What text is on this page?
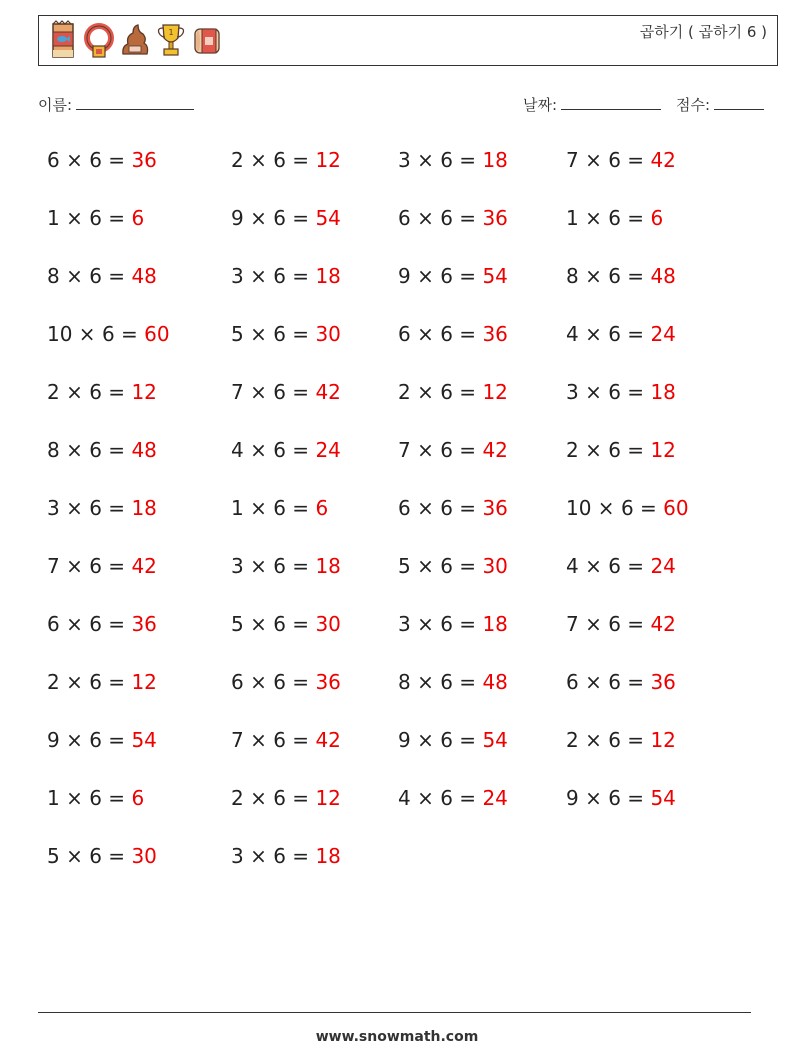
1	곱하기 ( 곱하기 6 )
이름:	날짜:	점수:
6 × 6 = 36
1 × 6 = 6
8 × 6 = 48
10 × 6 = 60
2 × 6 = 12
8 × 6 = 48
3 × 6 = 18
7 × 6 = 42
6 × 6 = 36
2 × 6 = 12
9 × 6 = 54
1 × 6 = 6
5 × 6 = 30
2 × 6 = 12
9 × 6 = 54
3 × 6 = 18
5 × 6 = 30
7 × 6 = 42
4 × 6 = 24
1 × 6 = 6
3 × 6 = 18
5 × 6 = 30
6 × 6 = 36
7 × 6 = 42
2 × 6 = 12
3 × 6 = 18
3 × 6 = 18
6 × 6 = 36
9 × 6 = 54
6 × 6 = 36
2 × 6 = 12
7 × 6 = 42
6 × 6 = 36
5 × 6 = 30
3 × 6 = 18
8 × 6 = 48
9 × 6 = 54
4 × 6 = 24
7 × 6 = 42
1 × 6 = 6
8 × 6 = 48
4 × 6 = 24
3 × 6 = 18
2 × 6 = 12
10 × 6 = 60
4 × 6 = 24
7 × 6 = 42
6 × 6 = 36
2 × 6 = 12
9 × 6 = 54
www.snowmath.com
